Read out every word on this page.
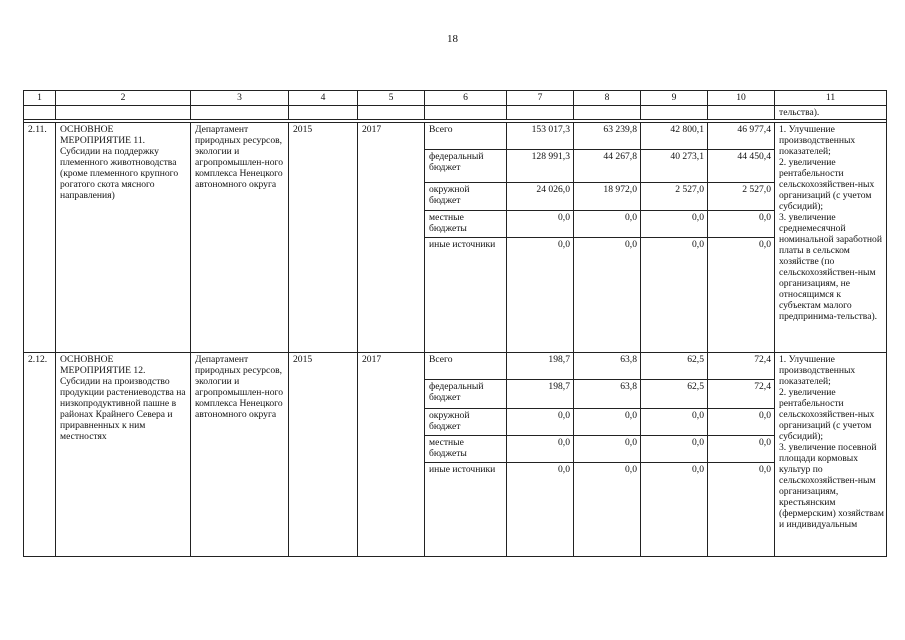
18
1	2	3	4	5	6	7	8	9	10	11
										тельства).

2.11.	ОСНОВНОЕ МЕРОПРИЯТИЕ 11. Субсидии на поддержку племенного животноводства (кроме племенного крупного рогатого скота мясного направления)	Департамент природных ресурсов, экологии и агропромышлен-ного комплекса Ненецкого автономного округа	2015	2017	Всего	153 017,3	63 239,8	42 800,1	46 977,4	1. Улучшение производственных показателей;
2. увеличение рентабельности сельскохозяйствен-ных организаций (с учетом субсидий);
3. увеличение среднемесячной номинальной заработной платы в сельском хозяйстве (по сельскохозяйствен-ным организациям, не относящимся к субъектам малого предпринима-тельства).
					федеральный бюджет	128 991,3	44 267,8	40 273,1	44 450,4	
					окружной бюджет	24 026,0	18 972,0	2 527,0	2 527,0	
					местные бюджеты	0,0	0,0	0,0	0,0	
					иные источники	0,0	0,0	0,0	0,0	
2.12.	ОСНОВНОЕ МЕРОПРИЯТИЕ 12. Субсидии на производство продукции растениеводства на низкопродуктивной пашне в районах Крайнего Севера и приравненных к ним местностях	Департамент природных ресурсов, экологии и агропромышлен-ного комплекса Ненецкого автономного округа	2015	2017	Всего	198,7	63,8	62,5	72,4	1. Улучшение производственных показателей;
2. увеличение рентабельности сельскохозяйствен-ных организаций (с учетом субсидий);
3. увеличение посевной площади кормовых культур по сельскохозяйствен-ным организациям, крестьянским (фермерским) хозяйствам и индивидуальным
					федеральный бюджет	198,7	63,8	62,5	72,4	
					окружной бюджет	0,0	0,0	0,0	0,0	
					местные бюджеты	0,0	0,0	0,0	0,0	
					иные источники	0,0	0,0	0,0	0,0	
